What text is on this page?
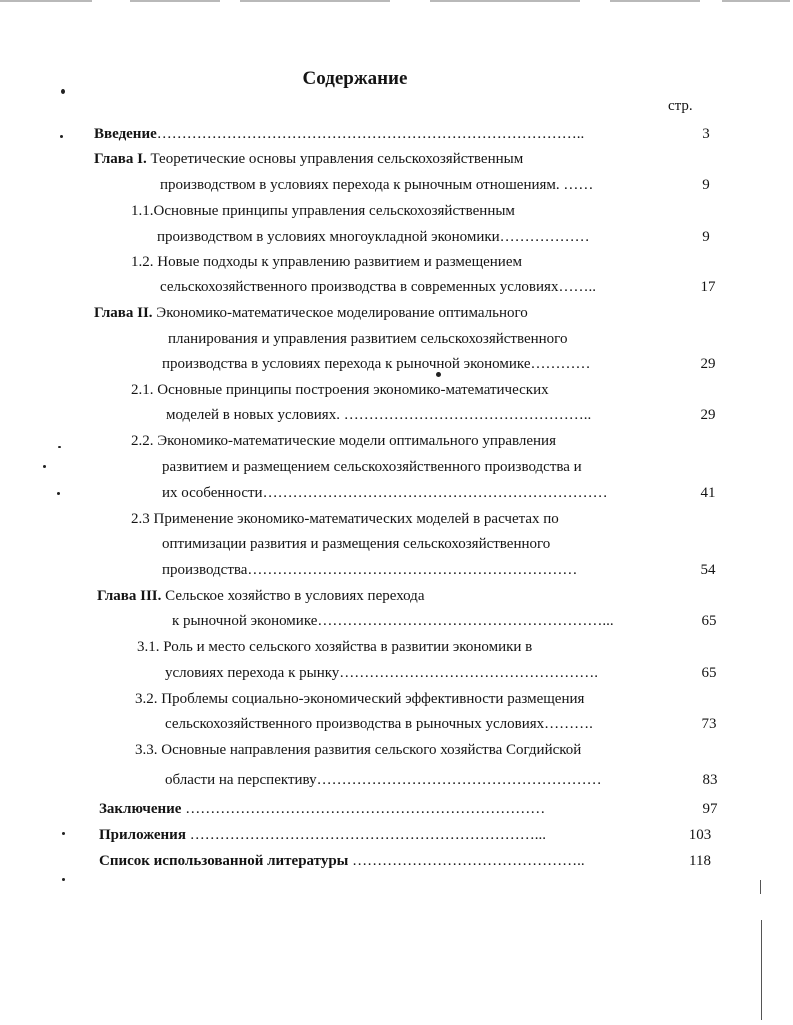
Содержание
стр.
Введение…………………………………………………………………………..	3
Глава I. Теоретические основы управления сельскохозяйственным
производством в условиях перехода к рыночным отношениям. ……	9
1.1.Основные принципы управления сельскохозяйственным
производством в условиях многоукладной экономики………………	9
1.2. Новые подходы к управлению развитием и размещением
сельскохозяйственного производства в современных условиях……..	17
Глава II. Экономико-математическое моделирование оптимального
планирования и управления развитием сельскохозяйственного
производства в условиях перехода к рыночной экономике…………	29
2.1. Основные принципы построения экономико-математических
моделей в новых условиях. …………………………………………..	29
2.2. Экономико-математические модели оптимального управления
развитием и размещением сельскохозяйственного производства и
их особенности……………………………………………………………	41
2.3 Применение экономико-математических моделей в расчетах по
оптимизации развития и размещения сельскохозяйственного
производства…………………………………………………………	54
Глава III. Сельское хозяйство в условиях перехода
к рыночной экономике…………………………………………………...	65
3.1. Роль и место сельского хозяйства в развитии экономики в
условиях перехода к рынку…………………………………………….	65
3.2. Проблемы социально-экономический эффективности размещения
сельскохозяйственного производства в рыночных условиях……….	73
3.3. Основные направления развития сельского хозяйства Согдийской
области на перспективу…………………………………………………	83
Заключение ………………………………………………………………	97
Приложения ……………………………………………………………...	103
Список использованной литературы ………………………………………..	118
